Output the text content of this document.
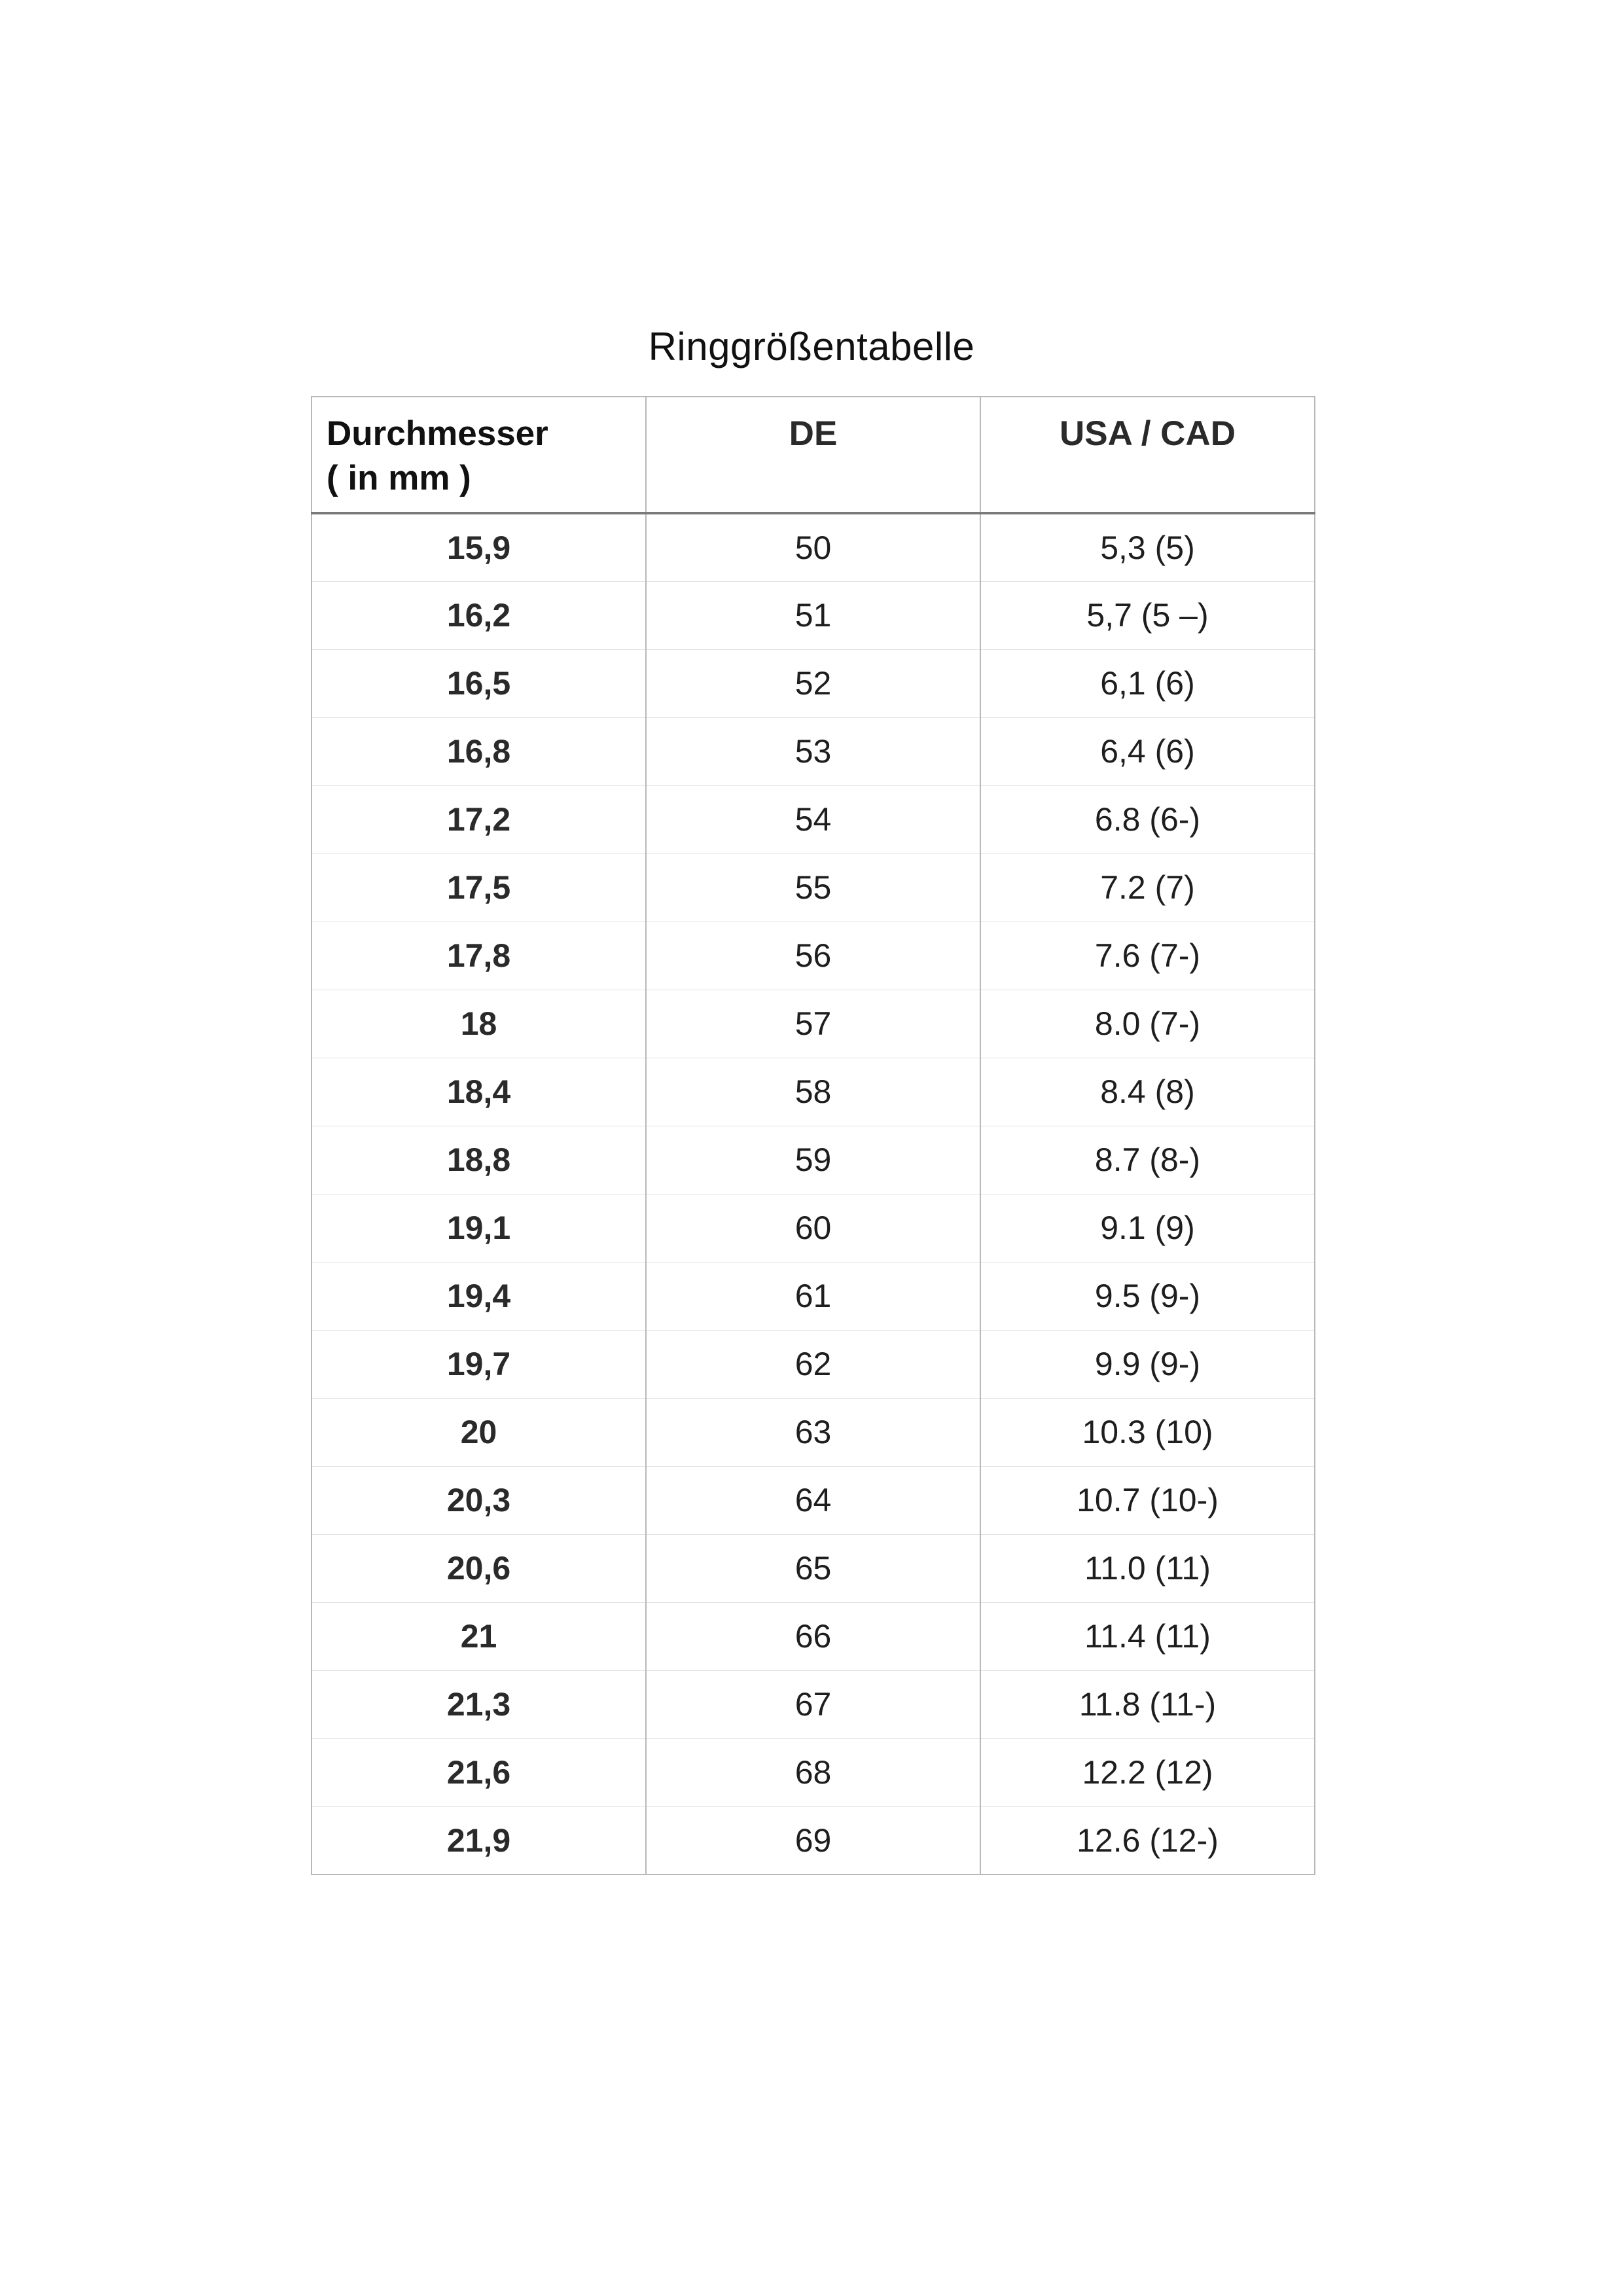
Ringgrößentabelle
Durchmesser
( in mm )	DE	USA / CAD
15,9	50	5,3 (5)
16,2	51	5,7 (5 –)
16,5	52	6,1 (6)
16,8	53	6,4 (6)
17,2	54	6.8 (6-)
17,5	55	7.2 (7)
17,8	56	7.6 (7-)
18	57	8.0 (7-)
18,4	58	8.4 (8)
18,8	59	8.7 (8-)
19,1	60	9.1 (9)
19,4	61	9.5 (9-)
19,7	62	9.9 (9-)
20	63	10.3 (10)
20,3	64	10.7 (10-)
20,6	65	11.0 (11)
21	66	11.4 (11)
21,3	67	11.8 (11-)
21,6	68	12.2 (12)
21,9	69	12.6 (12-)
